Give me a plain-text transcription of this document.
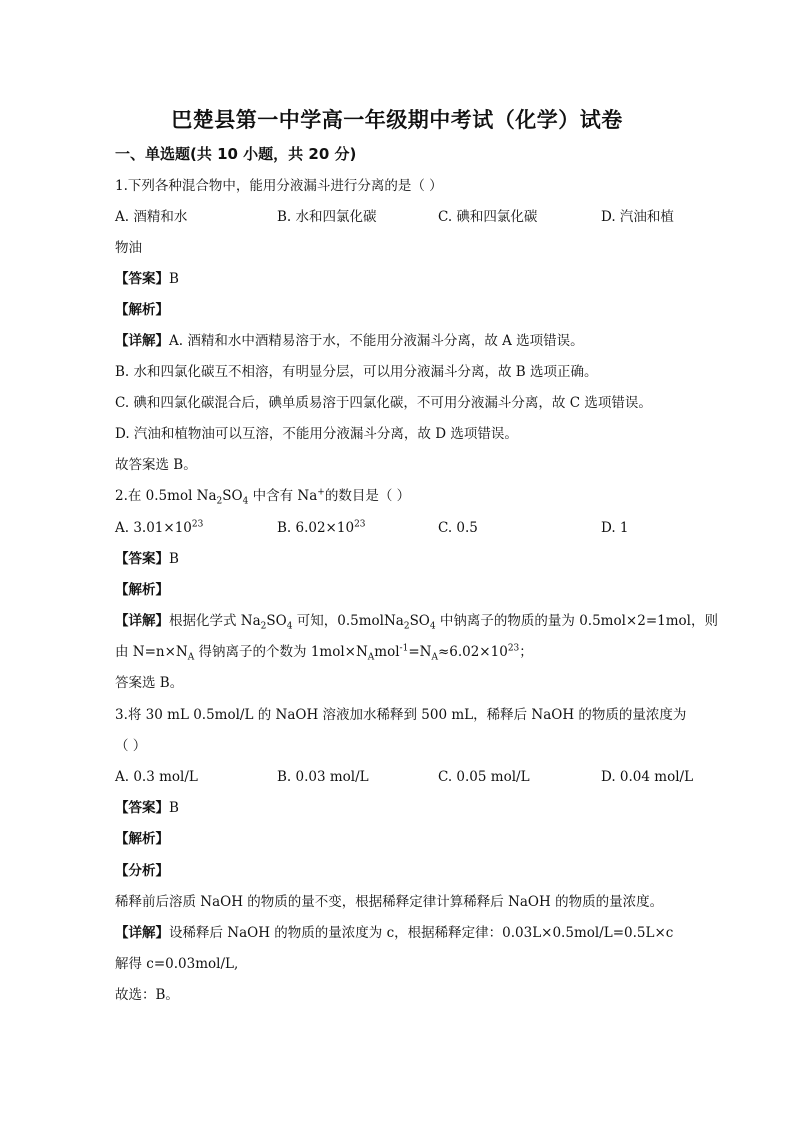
巴楚县第一中学高一年级期中考试（化学）试卷

一、单选题(共 10 小题，共 20 分)

1.下列各种混合物中，能用分液漏斗进行分离的是（ ）

A. 酒精和水	B. 水和四氯化碳	C. 碘和四氯化碳	D. 汽油和植

物油

【答案】B

【解析】

【详解】A. 酒精和水中酒精易溶于水，不能用分液漏斗分离，故 A 选项错误。

B. 水和四氯化碳互不相溶，有明显分层，可以用分液漏斗分离，故 B 选项正确。

C. 碘和四氯化碳混合后，碘单质易溶于四氯化碳，不可用分液漏斗分离，故 C 选项错误。

D. 汽油和植物油可以互溶，不能用分液漏斗分离，故 D 选项错误。

故答案选 B。

2.在 0.5mol $Na_2SO_4$ 中含有 Na+的数目是（ ）

A. $3.01\times 10^{23}$	B. $6.02\times 10^{23}$	C. 0.5	D. 1

【答案】B

【解析】

【详解】根据化学式 $Na_2SO_4$ 可知，$0.5molNa_2SO_4$ 中钠离子的物质的量为 0.5mol×2=1mol，则

由 $N=n\times N_A$ 得钠离子的个数为 $1mol\times N_Amol^{-1}=N_A\approx 6.02\times 10^{23}$；

答案选 B。

3.将 30 mL 0.5mol/L 的 NaOH 溶液加水稀释到 500 mL，稀释后 NaOH 的物质的量浓度为

（ ）

A. 0.3 mol/L	B. 0.03 mol/L	C. 0.05 mol/L	D. 0.04 mol/L

【答案】B

【解析】

【分析】

稀释前后溶质 NaOH 的物质的量不变，根据稀释定律计算稀释后 NaOH 的物质的量浓度。

【详解】设稀释后 NaOH 的物质的量浓度为 c，根据稀释定律：0.03L×0.5mol/L=0.5L×c

解得 c=0.03mol/L,

故选：B。
